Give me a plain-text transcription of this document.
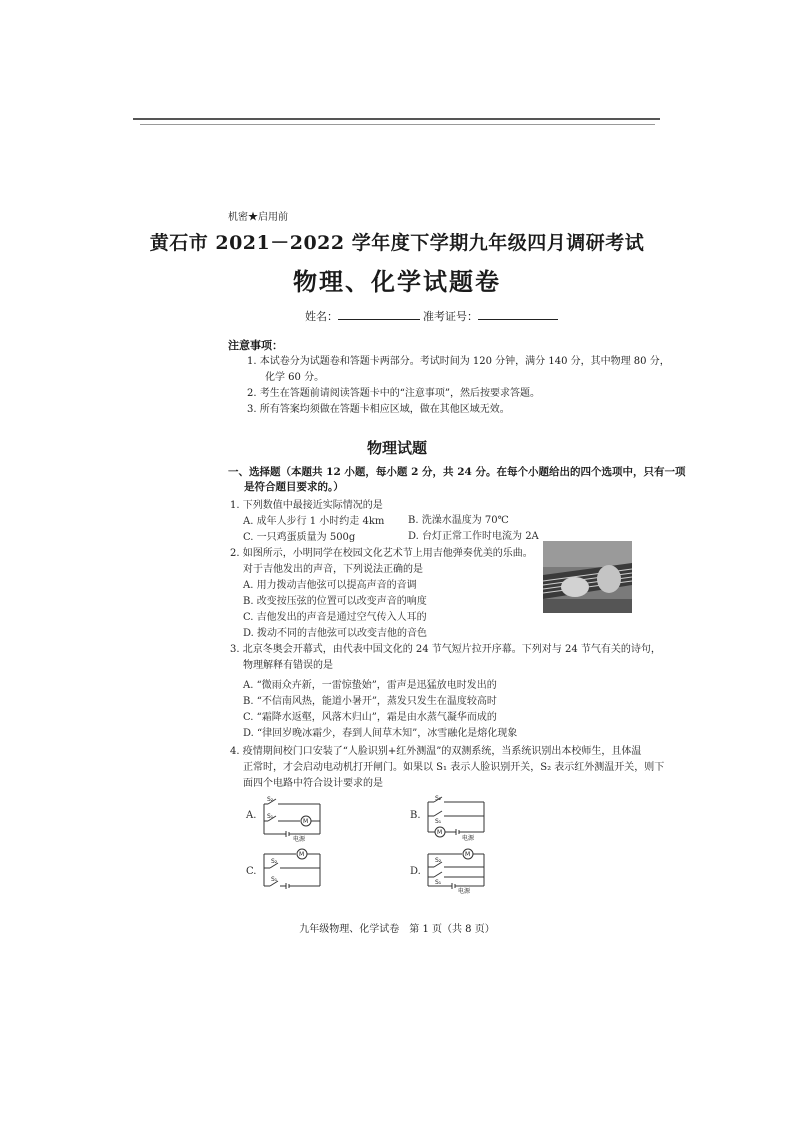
机密★启用前
黄石市 2021－2022 学年度下学期九年级四月调研考试
物理、化学试题卷
姓名：	准考证号：
注意事项：
1. 本试卷分为试题卷和答题卡两部分。考试时间为 120 分钟，满分 140 分，其中物理 80 分，
化学 60 分。
2. 考生在答题前请阅读答题卡中的“注意事项”，然后按要求答题。
3. 所有答案均须做在答题卡相应区域，做在其他区域无效。
物理试题
一、选择题（本题共 12 小题，每小题 2 分，共 24 分。在每个小题给出的四个选项中，只有一项
是符合题目要求的。）
1. 下列数值中最接近实际情况的是
A. 成年人步行 1 小时约走 4km B. 洗澡水温度为 70℃
C. 一只鸡蛋质量为 500g	D. 台灯正常工作时电流为 2A
2. 如图所示，小明同学在校园文化艺术节上用吉他弹奏优美的乐曲。
对于吉他发出的声音，下列说法正确的是
A. 用力拨动吉他弦可以提高声音的音调
B. 改变按压弦的位置可以改变声音的响度
C. 吉他发出的声音是通过空气传入人耳的
D. 拨动不同的吉他弦可以改变吉他的音色
3. 北京冬奥会开幕式，由代表中国文化的 24 节气短片拉开序幕。下列对与 24 节气有关的诗句，
物理解释有错误的是
A. “微雨众卉新，一雷惊蛰始”，雷声是迅猛放电时发出的
B. “不信南风热，能道小暑开”，蒸发只发生在温度较高时
C. “霜降水返壑，风落木归山”，霜是由水蒸气凝华而成的
D. “律回岁晚冰霜少，春到人间草木知”，冰雪融化是熔化现象
4. 疫情期间校门口安装了“人脸识别+红外测温”的双测系统，当系统识别出本校师生，且体温
正常时，才会启动电动机打开闸门。如果以 S₁ 表示人脸识别开关，S₂ 表示红外测温开关，则下
面四个电路中符合设计要求的是
A.
S₂
S₁
M
电源
B.
S₂
S₁
M
电源
C.
S₂
M
S₁
D.
S₂
M
S₁
电源
九年级物理、化学试卷　第 1 页（共 8 页）
